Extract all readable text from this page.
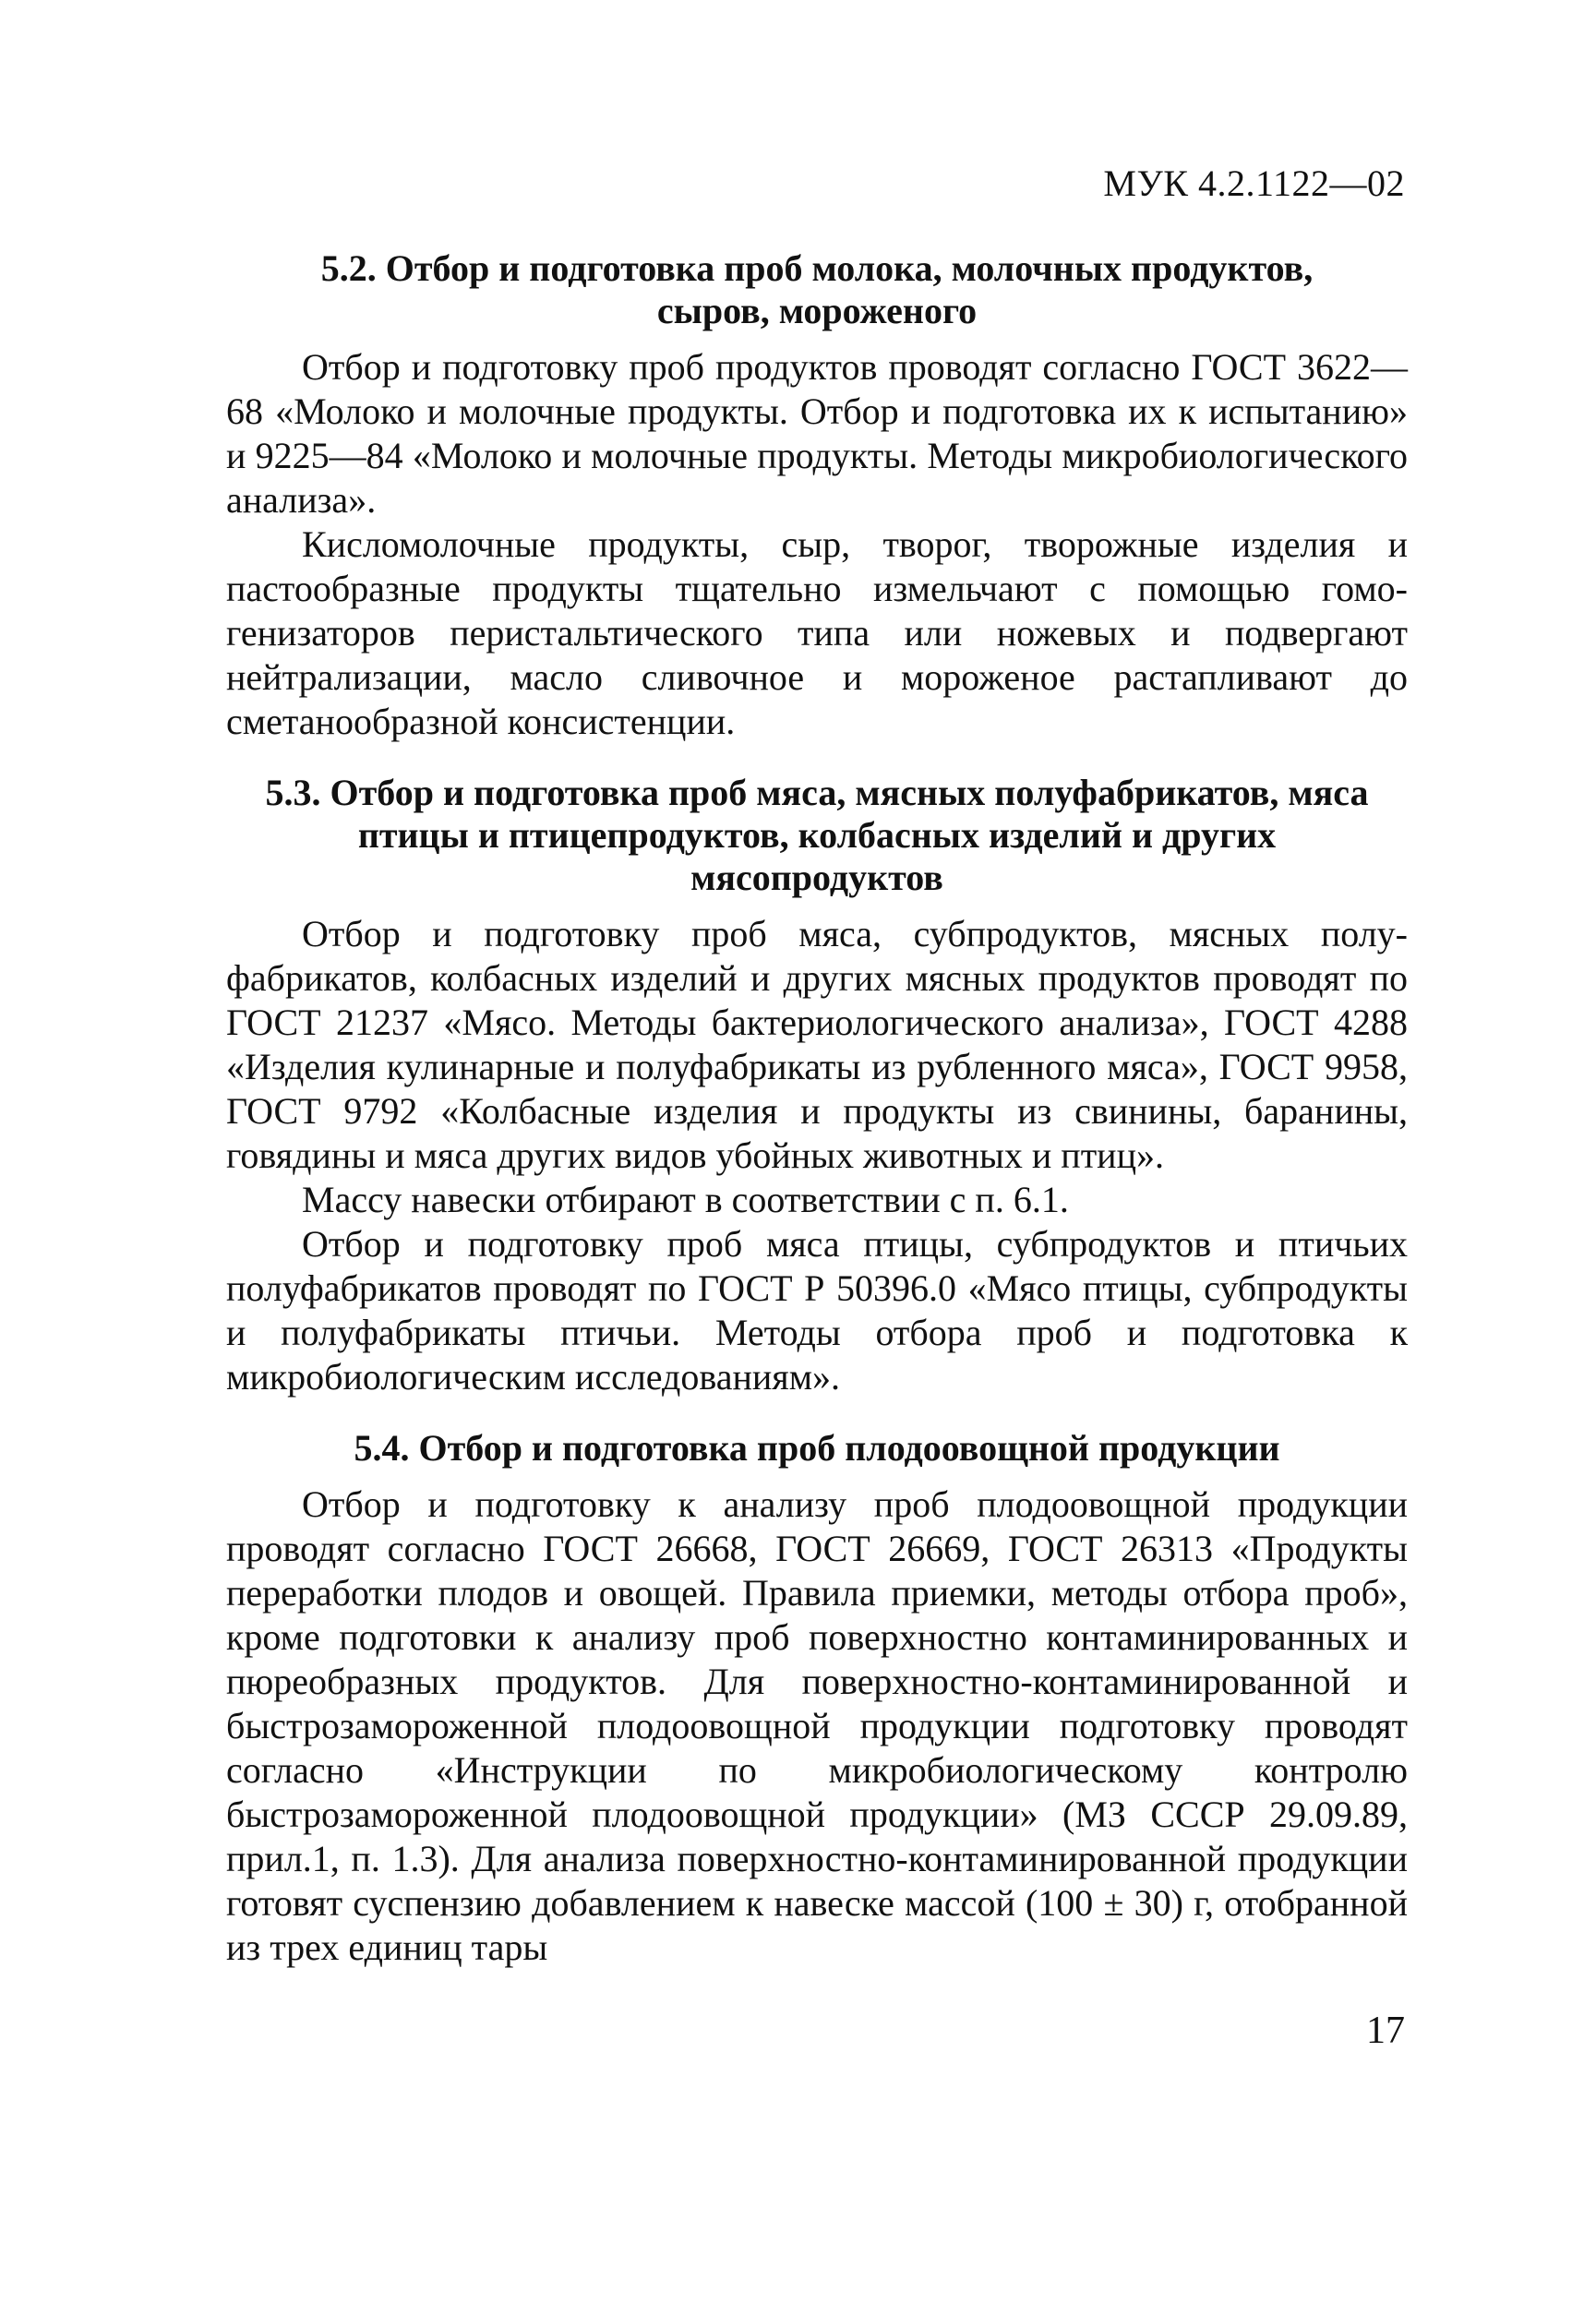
МУК 4.2.1122—02
5.2. Отбор и подготовка проб молока, молочных продуктов,
сыров, мороженого

Отбор и подготовку проб продуктов проводят согласно ГОСТ 3622—68 «Молоко и молочные продукты. Отбор и подготовка их к испытанию» и 9225—84 «Молоко и молочные продукты. Методы микробиологического анализа».

Кисломолочные продукты, сыр, творог, творожные изделия и пастообразные продукты тщательно измельчают с помощью гомогенизаторов перистальтического типа или ножевых и подвергают нейтрализации, масло сливочное и мороженое растапливают до сметанообразной консистенции.

5.3. Отбор и подготовка проб мяса, мясных полуфабрикатов, мяса
птицы и птицепродуктов, колбасных изделий и других
мясопродуктов

Отбор и подготовку проб мяса, субпродуктов, мясных полуфабрикатов, колбасных изделий и других мясных продуктов проводят по ГОСТ 21237 «Мясо. Методы бактериологического анализа», ГОСТ 4288 «Изделия кулинарные и полуфабрикаты из рубленного мяса», ГОСТ 9958, ГОСТ 9792 «Колбасные изделия и продукты из свинины, баранины, говядины и мяса других видов убойных животных и птиц».

Массу навески отбирают в соответствии с п. 6.1.

Отбор и подготовку проб мяса птицы, субпродуктов и птичьих полуфабрикатов проводят по ГОСТ Р 50396.0 «Мясо птицы, субпродукты и полуфабрикаты птичьи. Методы отбора проб и подготовка к микробиологическим исследованиям».

5.4. Отбор и подготовка проб плодоовощной продукции

Отбор и подготовку к анализу проб плодоовощной продукции проводят согласно ГОСТ 26668, ГОСТ 26669, ГОСТ 26313 «Продукты переработки плодов и овощей. Правила приемки, методы отбора проб», кроме подготовки к анализу проб поверхностно контаминированных и пюреобразных продуктов. Для поверхностно-контаминированной и быстрозамороженной плодоовощной продукции подготовку проводят согласно «Инструкции по микробиологическому контролю быстрозамороженной плодоовощной продукции» (МЗ СССР 29.09.89, прил.1, п. 1.3). Для анализа поверхностно-контаминированной продукции готовят суспензию добавлением к навеске массой (100 ± 30) г, отобранной из трех единиц тары

17
